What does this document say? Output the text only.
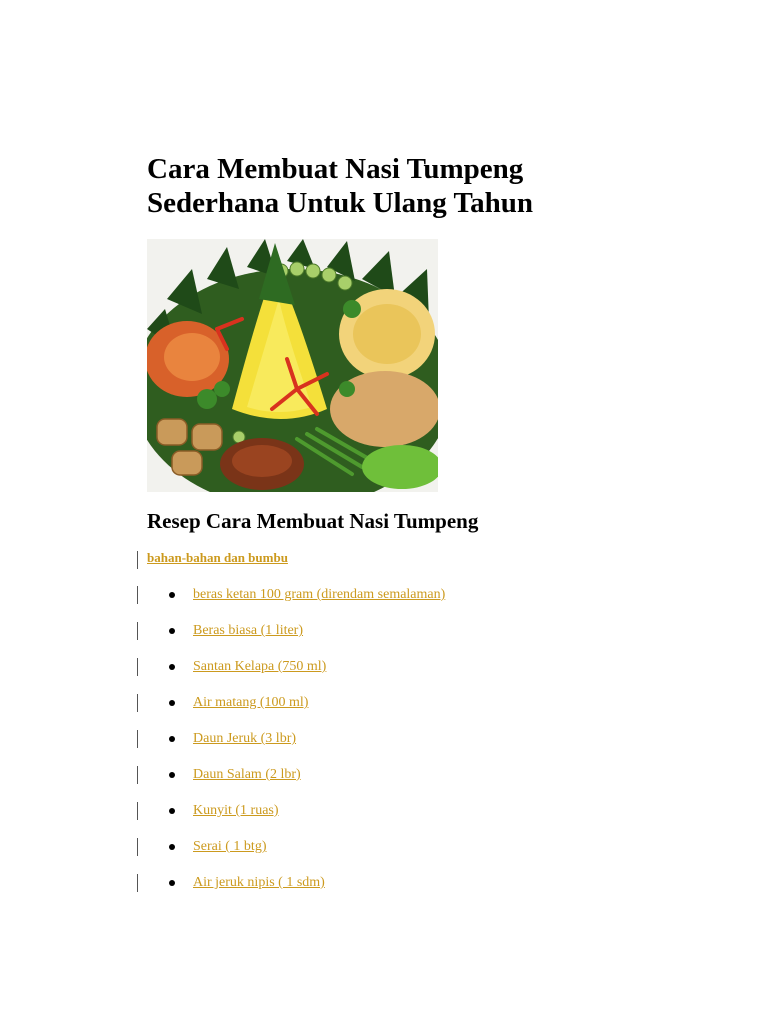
Cara Membuat Nasi Tumpeng
Sederhana Untuk Ulang Tahun
Resep Cara Membuat Nasi Tumpeng
bahan-bahan dan bumbu
beras ketan 100 gram (direndam semalaman)
Beras biasa (1 liter)
Santan Kelapa (750 ml)
Air matang (100 ml)
Daun Jeruk (3 lbr)
Daun Salam (2 lbr)
Kunyit (1 ruas)
Serai ( 1 btg)
Air jeruk nipis ( 1 sdm)
